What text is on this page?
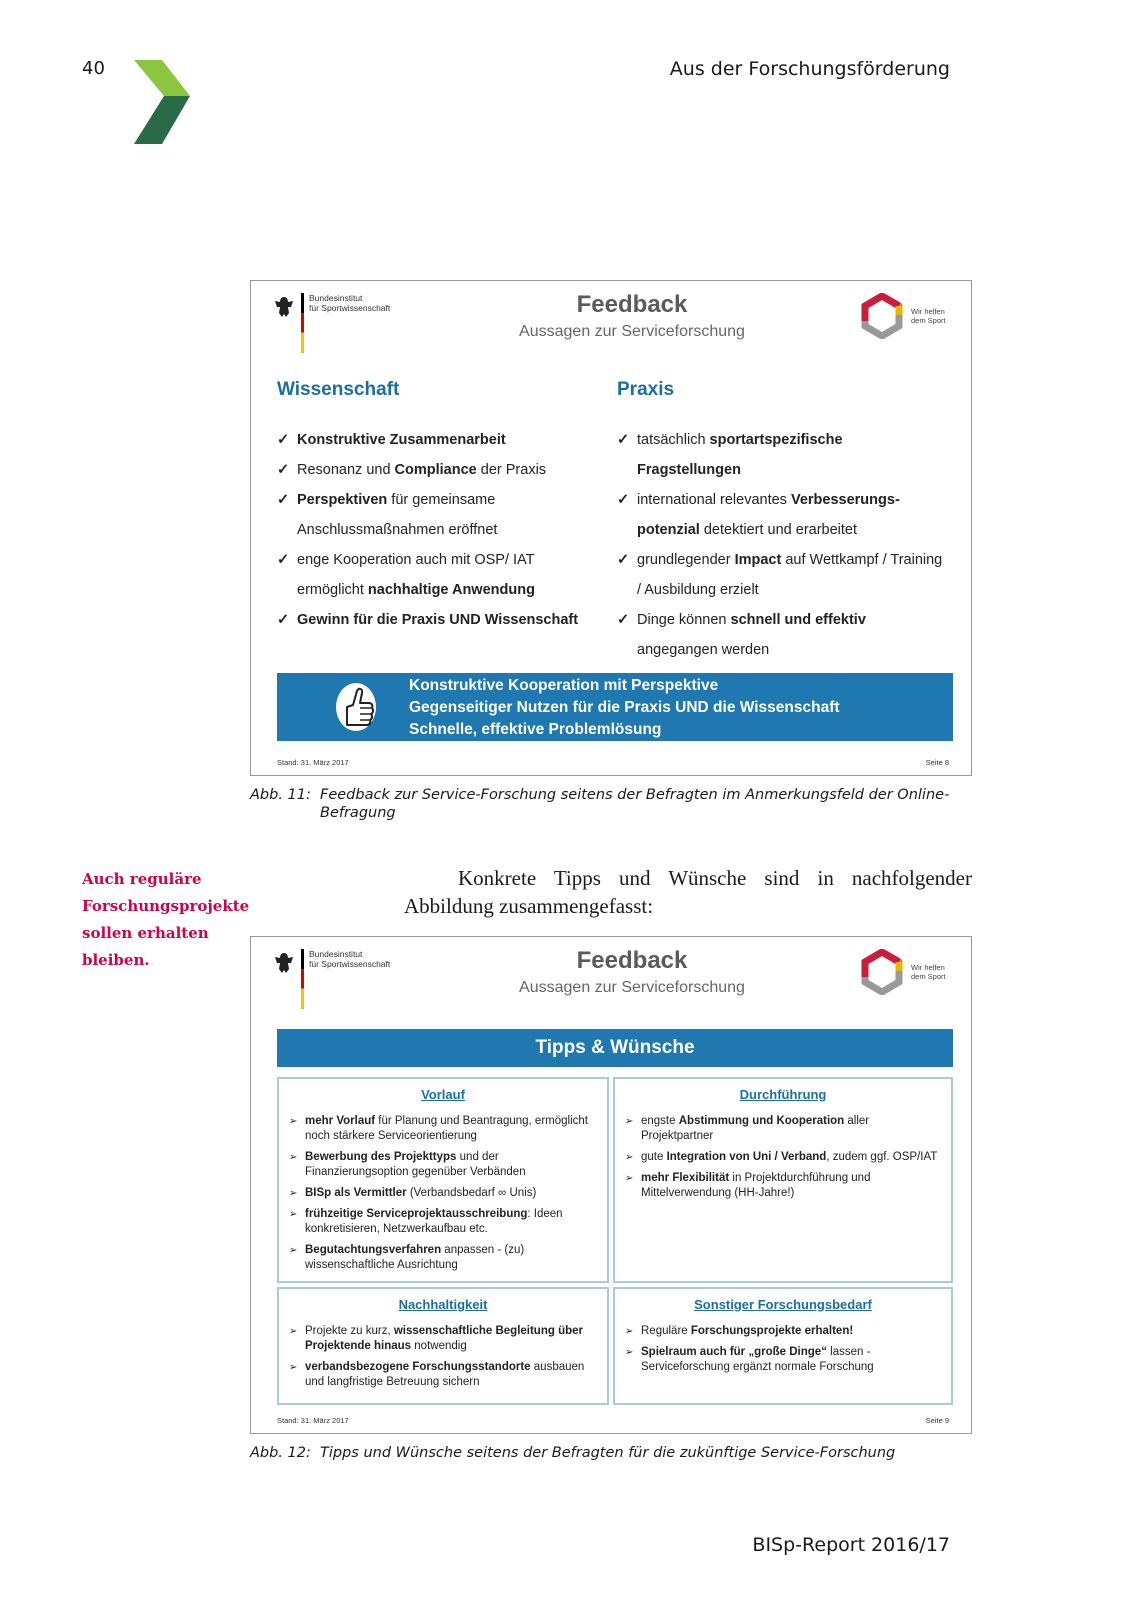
40	Aus der Forschungsförderung
Bundesinstitut
für Sportwissenschaft	Feedback
Aussagen zur Serviceforschung
Wir helfen
dem Sport
Wissenschaft	Praxis
✓ Konstruktive Zusammenarbeit
✓ Resonanz und Compliance der Praxis
✓ Perspektiven für gemeinsame Anschlussmaßnahmen eröffnet
✓ enge Kooperation auch mit OSP/ IAT ermöglicht nachhaltige Anwendung
✓ Gewinn für die Praxis UND Wissenschaft
✓ tatsächlich sportartspezifische Fragstellungen
✓ international relevantes Verbesserungs-potenzial detektiert und erarbeitet
✓ grundlegender Impact auf Wettkampf / Training / Ausbildung erzielt
✓ Dinge können schnell und effektiv angegangen werden
Konstruktive Kooperation mit Perspektive
Gegenseitiger Nutzen für die Praxis UND die Wissenschaft
Schnelle, effektive Problemlösung
Stand: 31. März 2017	Seite 8
Abb. 11: Feedback zur Service-Forschung seitens der Befragten im Anmerkungsfeld der Online-
Befragung
Auch reguläre Forschungsprojekte sollen erhalten bleiben.

Konkrete Tipps und Wünsche sind in nachfolgender Abbildung zusammengefasst:

Bundesinstitut
für Sportwissenschaft	Feedback
Aussagen zur Serviceforschung
Wir helfen
dem Sport
Tipps & Wünsche
Vorlauf
➢ mehr Vorlauf für Planung und Beantragung, ermöglicht noch stärkere Serviceorientierung
➢ Bewerbung des Projekttyps und der Finanzierungsoption gegenüber Verbänden
➢ BISp als Vermittler (Verbandsbedarf ∞ Unis)
➢ frühzeitige Serviceprojektausschreibung: Ideen konkretisieren, Netzwerkaufbau etc.
➢ Begutachtungsverfahren anpassen - (zu) wissenschaftliche Ausrichtung
Durchführung
➢ engste Abstimmung und Kooperation aller Projektpartner
➢ gute Integration von Uni / Verband, zudem ggf. OSP/IAT
➢ mehr Flexibilität in Projektdurchführung und Mittelverwendung (HH-Jahre!)
Nachhaltigkeit
➢ Projekte zu kurz, wissenschaftliche Begleitung über Projektende hinaus notwendig
➢ verbandsbezogene Forschungsstandorte ausbauen und langfristige Betreuung sichern
Sonstiger Forschungsbedarf
➢ Reguläre Forschungsprojekte erhalten!
➢ Spielraum auch für „große Dinge“ lassen - Serviceforschung ergänzt normale Forschung
Stand: 31. März 2017	Seite 9
Abb. 12: Tipps und Wünsche seitens der Befragten für die zukünftige Service-Forschung
BISp-Report 2016/17
